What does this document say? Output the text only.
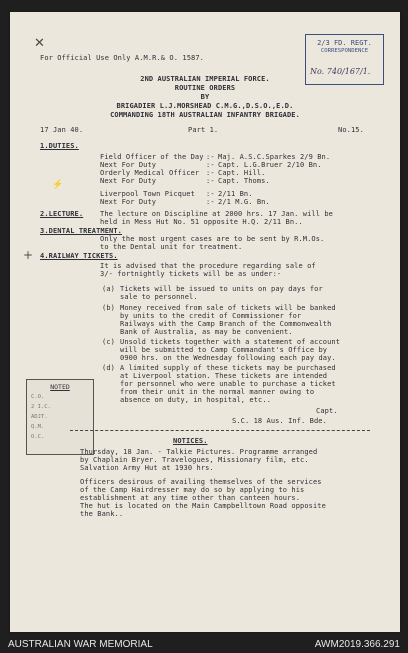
✕
For Official Use Only A.M.R.& O. 1587.
2/3 FD. REGT.
CORRESPONDENCE
No. 740/167/1.
2ND AUSTRALIAN IMPERIAL FORCE.
ROUTINE ORDERS
BY
BRIGADIER L.J.MORSHEAD C.M.G.,D.S.O.,E.D.
COMMANDING 18TH AUSTRALIAN INFANTRY BRIGADE.
17 Jan 40.	Part 1.	No.15.
1.DUTIES.
Field Officer of the Day :- Maj. A.S.C.Sparkes 2/9 Bn.
Next For Duty	:- Capt. L.G.Bruer 2/10 Bn.
Orderly Medical Officer :- Capt. Hill.
Next For Duty	:- Capt. Thoms.
⚡
Liverpool Town Picquet :- 2/11 Bn.
Next For Duty	:- 2/1 M.G. Bn.
2.LECTURE. The lecture on Discipline at 2000 hrs. 17 Jan. will be
held in Mess Hut No. 51 opposite H.Q. 2/11 Bn..
3.DENTAL TREATMENT.
Only the most urgent cases are to be sent by R.M.Os.
to the Dental unit for treatment.
+ 4.RAILWAY TICKETS.
It is advised that the procedure regarding sale of
3/- fortnightly tickets will be as under:-
(a) Tickets will be issued to units on pay days for
sale to personnel.
(b) Money received from sale of tickets will be banked
by units to the credit of Commissioner for
Railways with the Camp Branch of the Commonwealth
Bank of Australia, as may be convenient.
(c) Unsold tickets together with a statement of account
will be submitted to Camp Commandant's Office by
0900 hrs. on the Wednesday following each pay day.
(d) A limited supply of these tickets may be purchased
at Liverpool station. These tickets are intended
for personnel who were unable to purchase a ticket
from their unit in the normal manner owing to
absence on duty, in hospital, etc..
NOTED
C.O.
2 I.C.
ADJT.
Q.M.
O.C.
Capt.
S.C. 18 Aus. Inf. Bde.
NOTICES.
Thursday, 18 Jan. - Talkie Pictures. Programme arranged
by Chaplain Bryer. Travelogues, Missionary film, etc.
Salvation Army Hut at 1930 hrs.
Officers desirous of availing themselves of the services
of the Camp Hairdresser may do so by applying to his
establishment at any time other than canteen hours.
The hut is located on the Main Campbelltown Road opposite
the Bank..
AUSTRALIAN WAR MEMORIAL	AWM2019.366.291
